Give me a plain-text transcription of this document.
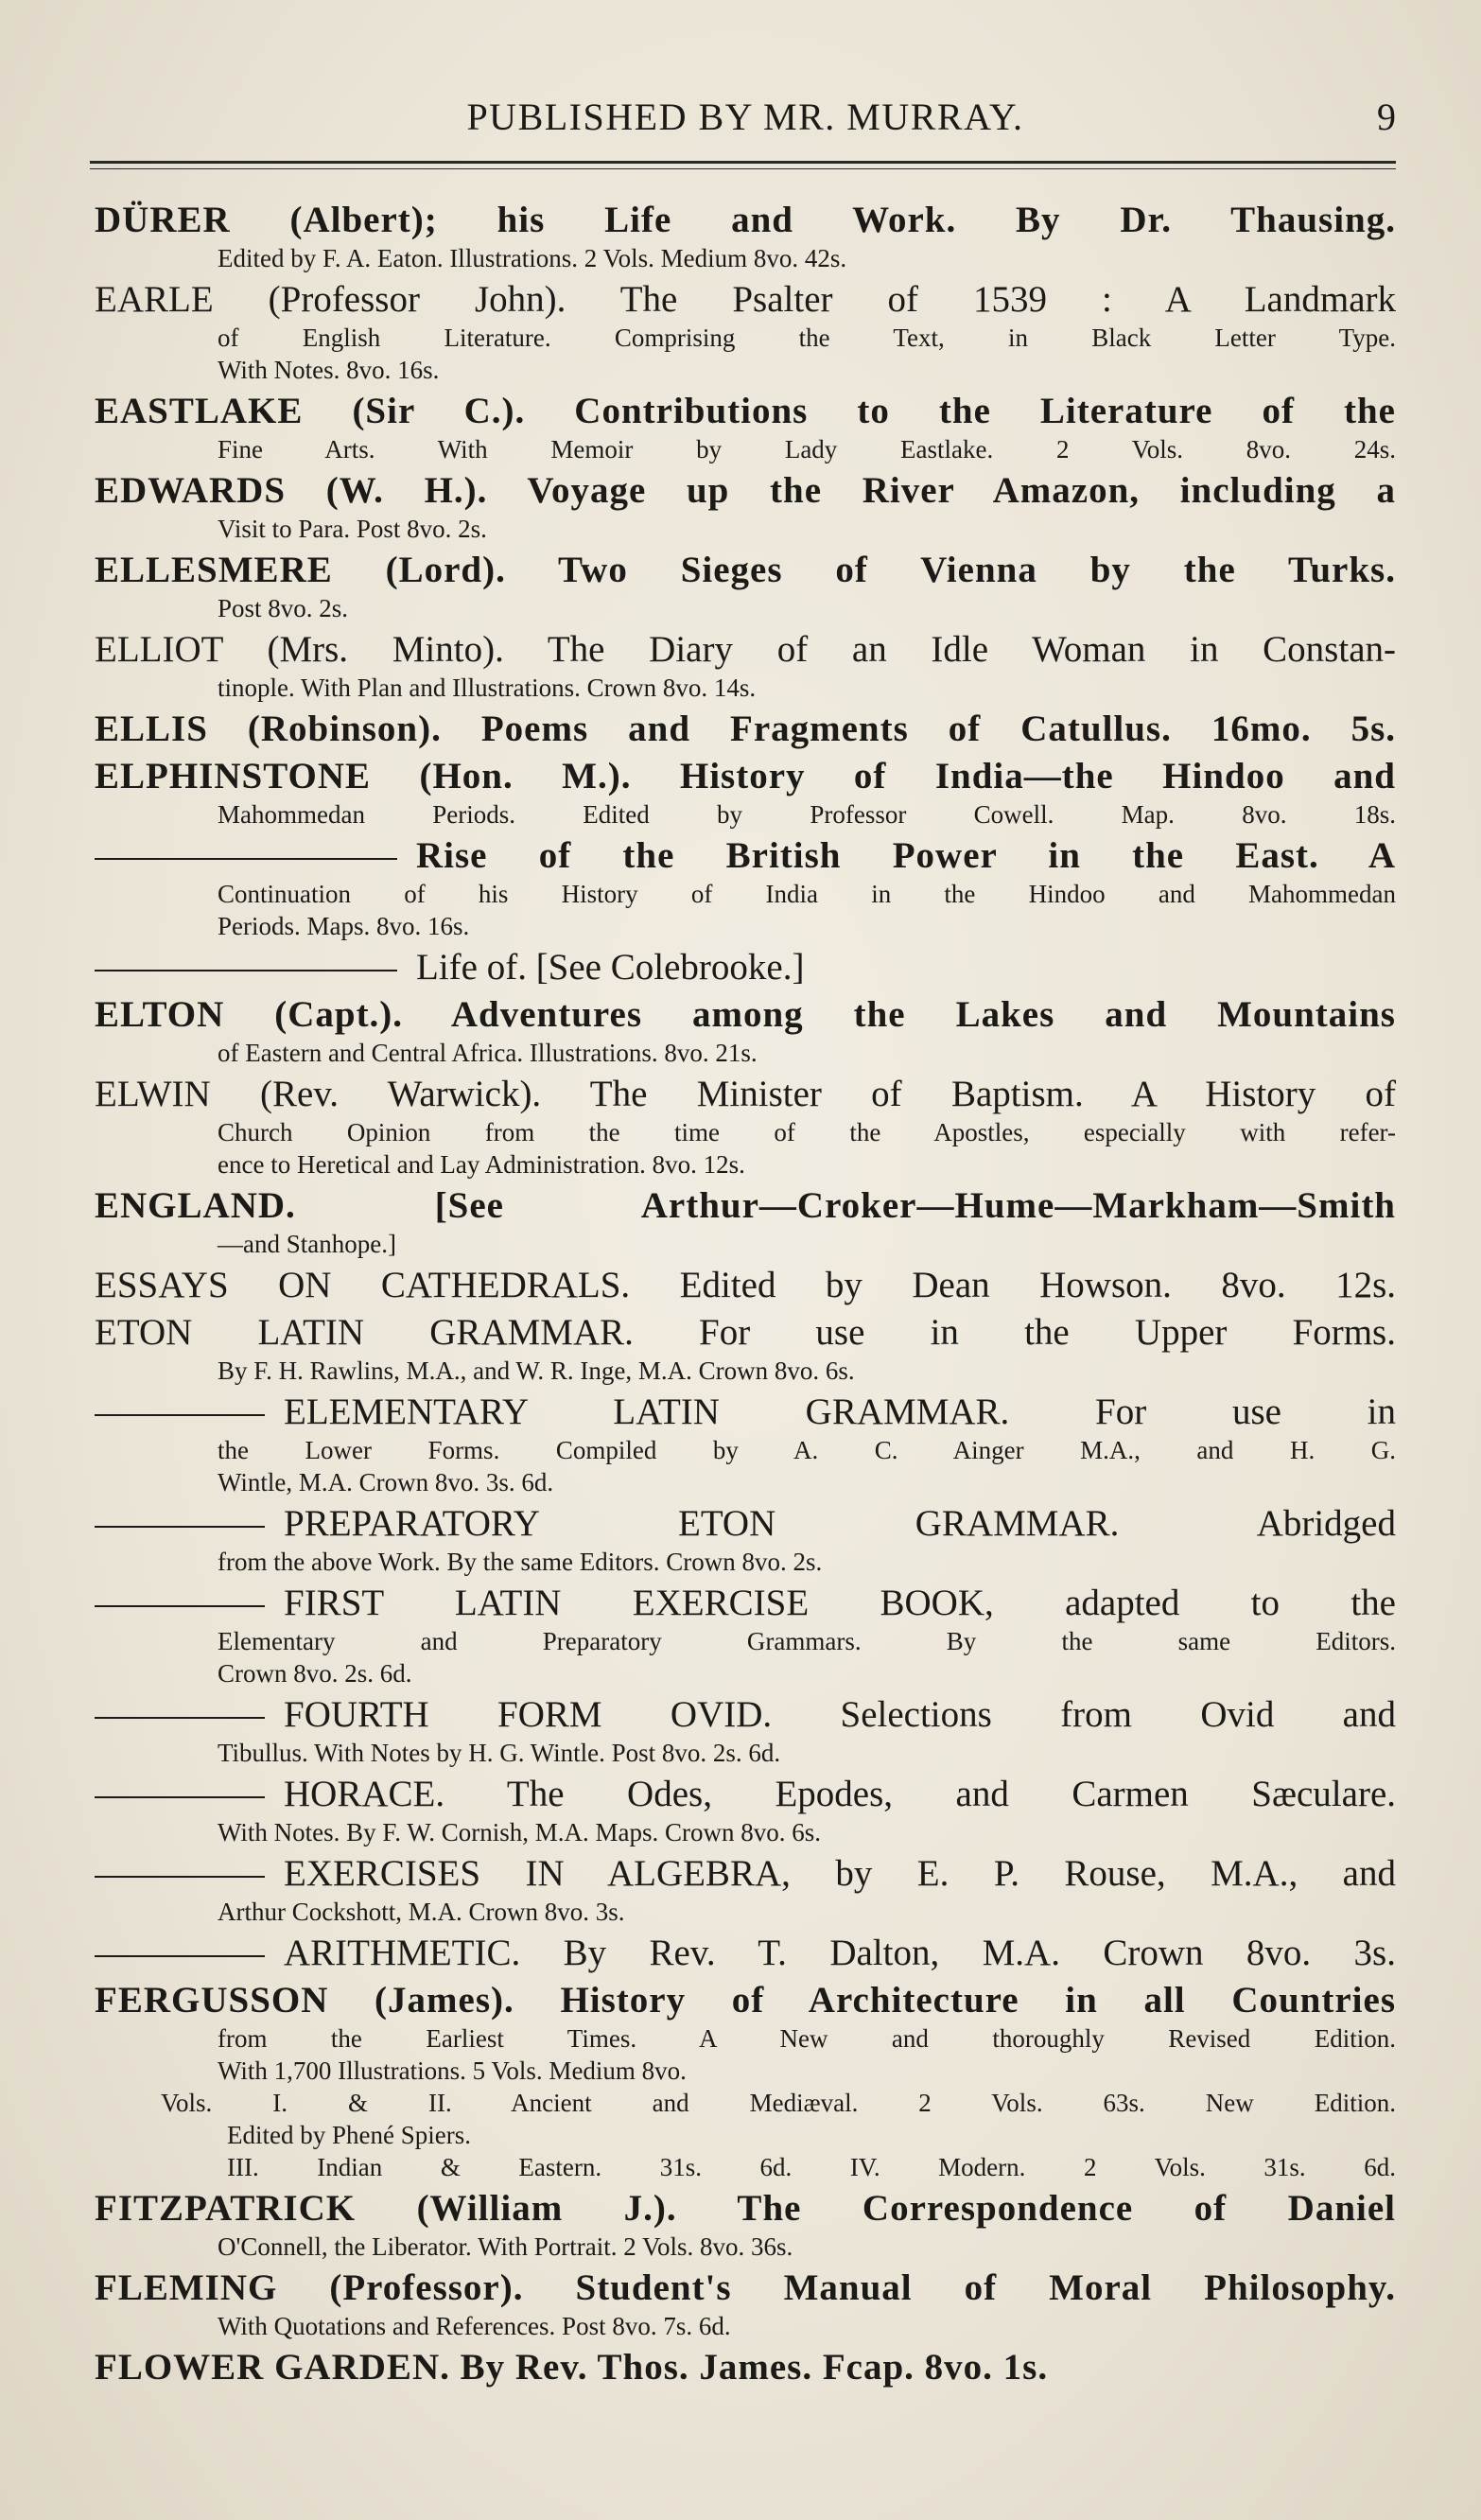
PUBLISHED BY MR. MURRAY.	9
DÜRER (Albert); his Life and Work. By Dr. Thausing.
Edited by F. A. Eaton. Illustrations. 2 Vols. Medium 8vo. 42s.
EARLE (Professor John). The Psalter of 1539 : A Landmark
of English Literature. Comprising the Text, in Black Letter Type.
With Notes. 8vo. 16s.
EASTLAKE (Sir C.). Contributions to the Literature of the
Fine Arts. With Memoir by Lady Eastlake. 2 Vols. 8vo. 24s.
EDWARDS (W. H.). Voyage up the River Amazon, including a
Visit to Para. Post 8vo. 2s.
ELLESMERE (Lord). Two Sieges of Vienna by the Turks.
Post 8vo. 2s.
ELLIOT (Mrs. Minto). The Diary of an Idle Woman in Constan-
tinople. With Plan and Illustrations. Crown 8vo. 14s.
ELLIS (Robinson). Poems and Fragments of Catullus. 16mo. 5s.
ELPHINSTONE (Hon. M.). History of India—the Hindoo and
Mahommedan Periods. Edited by Professor Cowell. Map. 8vo. 18s.
Rise of the British Power in the East. A
Continuation of his History of India in the Hindoo and Mahommedan
Periods. Maps. 8vo. 16s.
Life of. [See Colebrooke.]
ELTON (Capt.). Adventures among the Lakes and Mountains
of Eastern and Central Africa. Illustrations. 8vo. 21s.
ELWIN (Rev. Warwick). The Minister of Baptism. A History of
Church Opinion from the time of the Apostles, especially with refer-
ence to Heretical and Lay Administration. 8vo. 12s.
ENGLAND. [See Arthur—Croker—Hume—Markham—Smith
—and Stanhope.]
ESSAYS ON CATHEDRALS. Edited by Dean Howson. 8vo. 12s.
ETON LATIN GRAMMAR. For use in the Upper Forms.
By F. H. Rawlins, M.A., and W. R. Inge, M.A. Crown 8vo. 6s.
ELEMENTARY LATIN GRAMMAR. For use in
the Lower Forms. Compiled by A. C. Ainger M.A., and H. G.
Wintle, M.A. Crown 8vo. 3s. 6d.
PREPARATORY ETON GRAMMAR. Abridged
from the above Work. By the same Editors. Crown 8vo. 2s.
FIRST LATIN EXERCISE BOOK, adapted to the
Elementary and Preparatory Grammars. By the same Editors.
Crown 8vo. 2s. 6d.
FOURTH FORM OVID. Selections from Ovid and
Tibullus. With Notes by H. G. Wintle. Post 8vo. 2s. 6d.
HORACE. The Odes, Epodes, and Carmen Sæculare.
With Notes. By F. W. Cornish, M.A. Maps. Crown 8vo. 6s.
EXERCISES IN ALGEBRA, by E. P. Rouse, M.A., and
Arthur Cockshott, M.A. Crown 8vo. 3s.
ARITHMETIC. By Rev. T. Dalton, M.A. Crown 8vo. 3s.
FERGUSSON (James). History of Architecture in all Countries
from the Earliest Times. A New and thoroughly Revised Edition.
With 1,700 Illustrations. 5 Vols. Medium 8vo.
Vols. I. & II. Ancient and Mediæval. 2 Vols. 63s. New Edition.
Edited by Phené Spiers.
III. Indian & Eastern. 31s. 6d. IV. Modern. 2 Vols. 31s. 6d.
FITZPATRICK (William J.). The Correspondence of Daniel
O'Connell, the Liberator. With Portrait. 2 Vols. 8vo. 36s.
FLEMING (Professor). Student's Manual of Moral Philosophy.
With Quotations and References. Post 8vo. 7s. 6d.
FLOWER GARDEN. By Rev. Thos. James. Fcap. 8vo. 1s.
